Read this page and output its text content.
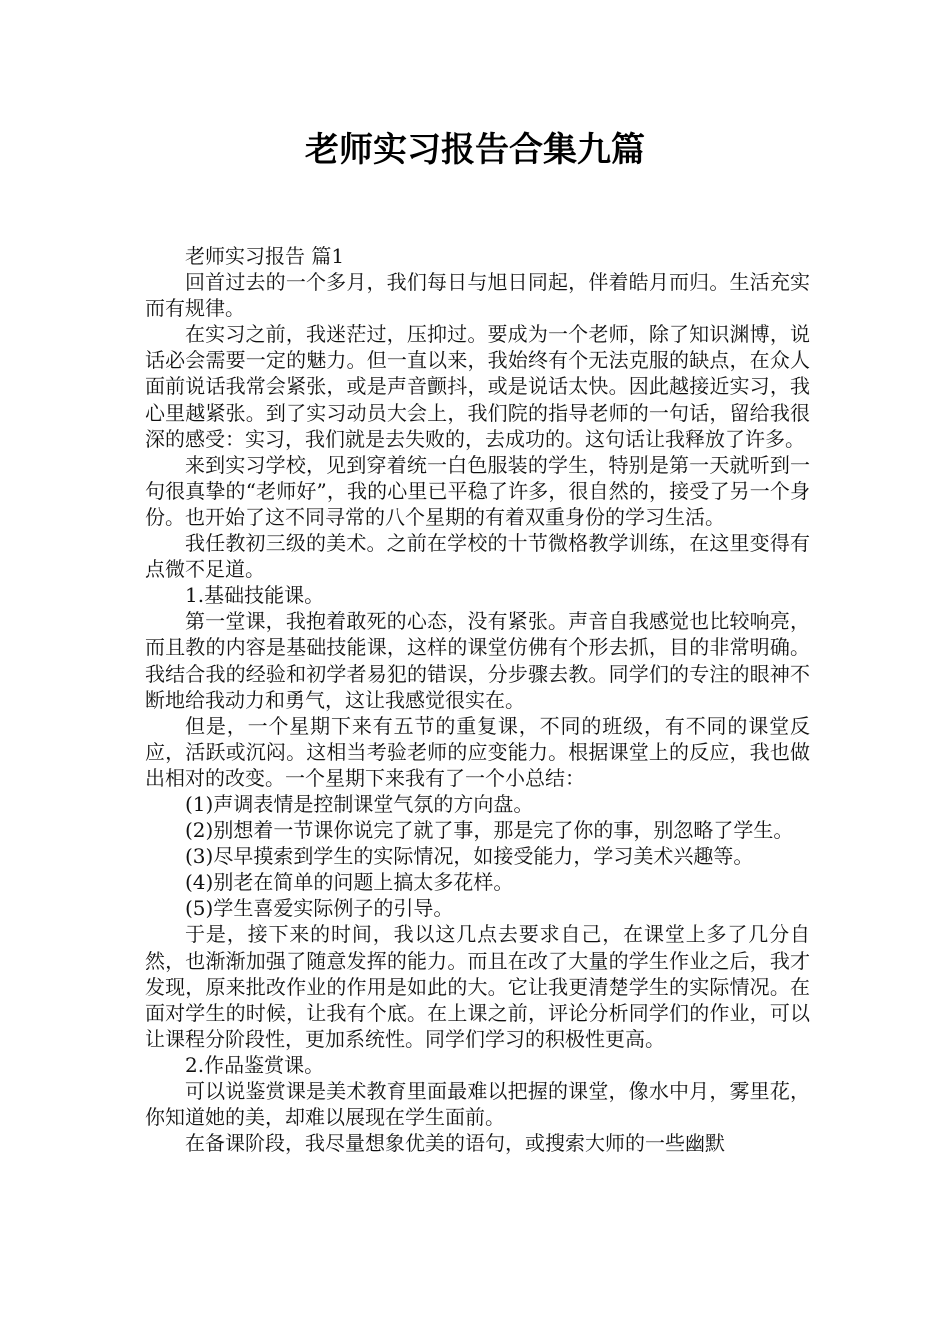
老师实习报告合集九篇

老师实习报告 篇1

回首过去的一个多月，我们每日与旭日同起，伴着皓月而归。生活充实而有规律。

在实习之前，我迷茫过，压抑过。要成为一个老师，除了知识渊博，说话必会需要一定的魅力。但一直以来，我始终有个无法克服的缺点，在众人面前说话我常会紧张，或是声音颤抖，或是说话太快。因此越接近实习，我心里越紧张。到了实习动员大会上，我们院的指导老师的一句话，留给我很深的感受：实习，我们就是去失败的，去成功的。这句话让我释放了许多。

来到实习学校，见到穿着统一白色服装的学生，特别是第一天就听到一句很真挚的“老师好”，我的心里已平稳了许多，很自然的，接受了另一个身份。也开始了这不同寻常的八个星期的有着双重身份的学习生活。

我任教初三级的美术。之前在学校的十节微格教学训练，在这里变得有点微不足道。

1.基础技能课。

第一堂课，我抱着敢死的心态，没有紧张。声音自我感觉也比较响亮，而且教的内容是基础技能课，这样的课堂仿佛有个形去抓，目的非常明确。我结合我的经验和初学者易犯的错误，分步骤去教。同学们的专注的眼神不断地给我动力和勇气，这让我感觉很实在。

但是，一个星期下来有五节的重复课，不同的班级，有不同的课堂反应，活跃或沉闷。这相当考验老师的应变能力。根据课堂上的反应，我也做出相对的改变。一个星期下来我有了一个小总结：

(1)声调表情是控制课堂气氛的方向盘。

(2)别想着一节课你说完了就了事，那是完了你的事，别忽略了学生。

(3)尽早摸索到学生的实际情况，如接受能力，学习美术兴趣等。

(4)别老在简单的问题上搞太多花样。

(5)学生喜爱实际例子的引导。

于是，接下来的时间，我以这几点去要求自己，在课堂上多了几分自然，也渐渐加强了随意发挥的能力。而且在改了大量的学生作业之后，我才发现，原来批改作业的作用是如此的大。它让我更清楚学生的实际情况。在面对学生的时候，让我有个底。在上课之前，评论分析同学们的作业，可以让课程分阶段性，更加系统性。同学们学习的积极性更高。

2.作品鉴赏课。

可以说鉴赏课是美术教育里面最难以把握的课堂，像水中月，雾里花，你知道她的美，却难以展现在学生面前。

在备课阶段，我尽量想象优美的语句，或搜索大师的一些幽默
